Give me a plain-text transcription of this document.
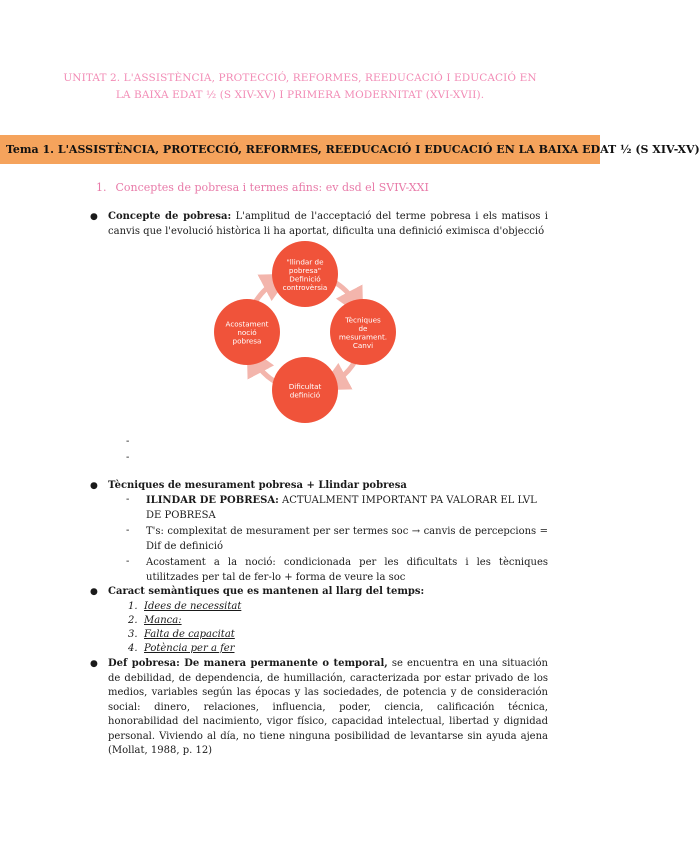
UNITAT 2. L'ASSISTÈNCIA, PROTECCIÓ, REFORMES, REEDUCACIÓ I EDUCACIÓ EN
LA BAIXA EDAT ½ (S XIV-XV) I PRIMERA MODERNITAT (XVI-XVII).
Tema 1. L'ASSISTÈNCIA, PROTECCIÓ, REFORMES, REEDUCACIÓ I EDUCACIÓ EN LA BAIXA EDAT ½ (S XIV-XV)
1. Conceptes de pobresa i termes afins: ev dsd el SVIV-XXI
● Concepte de pobresa: L'amplitud de l'acceptació del terme pobresa i els matisos i canvis que l'evolució històrica li ha aportat, dificulta una definició eximisca d'objecció
"llindar de
pobresa"
Definició
controvèrsia
Tècniques
de
mesurament.
Canvi
Dificultat
definició
Acostament
noció
pobresa
-
-
● Tècniques de mesurament pobresa + Llindar pobresa
- ILINDAR DE POBRESA: ACTUALMENT IMPORTANT PA VALORAR EL LVL DE POBRESA
- T's: complexitat de mesurament per ser termes soc → canvis de percepcions = Dif de definició
- Acostament a la noció: condicionada per les dificultats i les tècniques utilitzades per tal de fer-lo + forma de veure la soc
● Caract semàntiques que es mantenen al llarg del temps:
1. Idees de necessitat
2. Manca:
3. Falta de capacitat
4. Potència per a fer
● Def pobresa: De manera permanente o temporal, se encuentra en una situación de debilidad, de dependencia, de humillación, caracterizada por estar privado de los medios, variables según las épocas y las sociedades, de potencia y de consideración social: dinero, relaciones, influencia, poder, ciencia, calificación técnica, honorabilidad del nacimiento, vigor físico, capacidad intelectual, libertad y dignidad personal. Viviendo al día, no tiene ninguna posibilidad de levantarse sin ayuda ajena (Mollat, 1988, p. 12)
